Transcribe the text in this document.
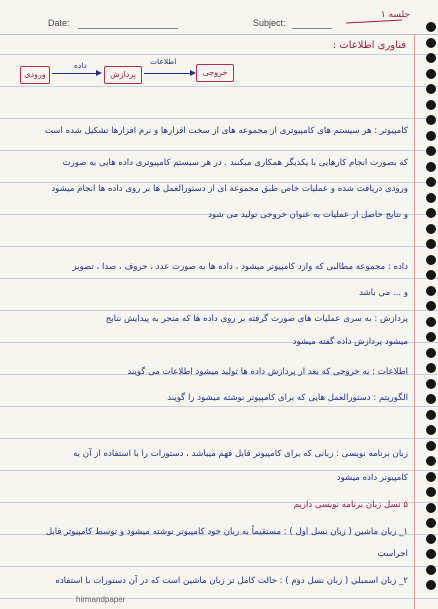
Date:	Subject:
جلسه ۱
فناوری اطلاعات :
ورودی
داده
پردازش
اطلاعات
خروجی
کامپیوتر : هر سیستم های کامپیوتری از مجموعه های از سخت افزارها و نرم افزارها تشکیل شده است
که بصورت انجام کارهایی با یکدیگر همکاری میکنند . در هر سیستم کامپیوتری داده هایی به صورت
ورودی دریافت شده و عملیات خاص طبق مجموعه ای از دستورالعمل ها بر روی داده ها انجام میشود
و نتایج حاصل از عملیات به عنوان خروجی تولید می شود
داده : مجموعه مطالبی که وارد کامپیوتر میشود ، داده ها به صورت عدد ، حروف ، صدا ، تصویر
و ... می باشد
پردازش : به سری عملیات های صورت گرفته بر روی داده ها که منجر به پیدایش نتایج
میشود پردازش داده گفته میشود
اطلاعات : به خروجی که بعد از پردازش داده ها تولید میشود اطلاعات می گویند
الگوریتم : دستورالعمل هایی که برای کامپیوتر نوشته میشود را گویند
زبان برنامه نویسی : زبانی که برای کامپیوتر قابل فهم میباشد ، دستورات را با استفاده از آن به
کامپیوتر داده میشود
۵ نسل زبان برنامه نویسی داریم
۱_ زبان ماشین ( زبان نسل اول ) : مستقیماً به زبان خود کامپیوتر نوشته میشود و توسط کامپیوتر قابل
اجراست
۲_ زبان اسمبلی ( زبان نسل دوم ) : حالت کامل تر زبان ماشین است که در آن دستورات با استفاده
hirmandpaper
